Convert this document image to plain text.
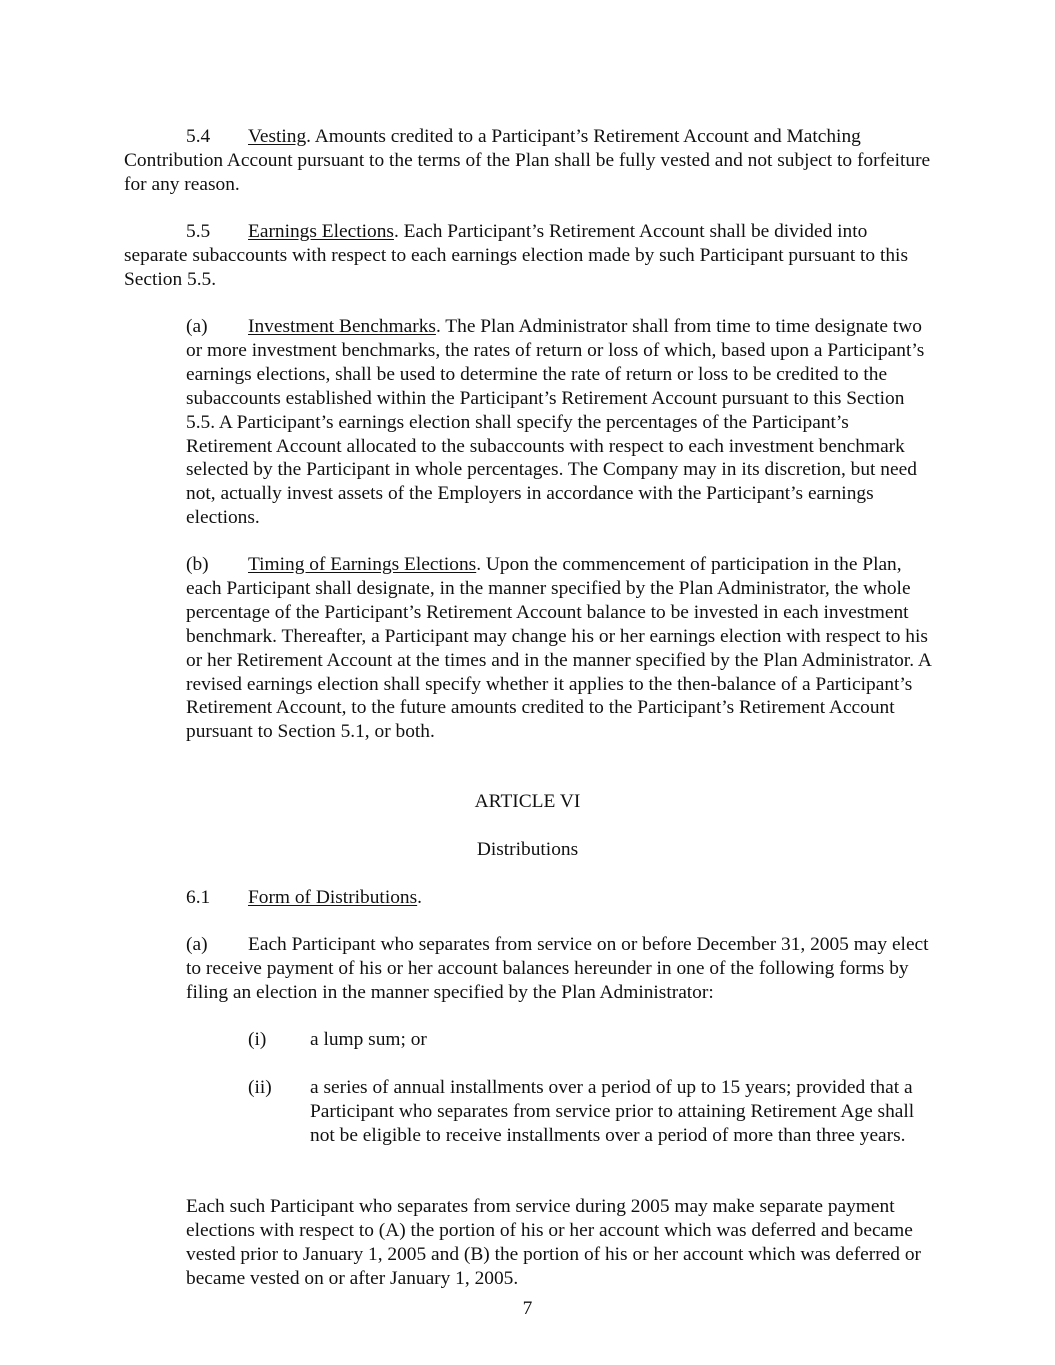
5.4 Vesting. Amounts credited to a Participant’s Retirement Account and Matching Contribution Account pursuant to the terms of the Plan shall be fully vested and not subject to forfeiture for any reason.

5.5 Earnings Elections. Each Participant’s Retirement Account shall be divided into separate subaccounts with respect to each earnings election made by such Participant pursuant to this Section 5.5.

(a) Investment Benchmarks. The Plan Administrator shall from time to time designate two or more investment benchmarks, the rates of return or loss of which, based upon a Participant’s earnings elections, shall be used to determine the rate of return or loss to be credited to the subaccounts established within the Participant’s Retirement Account pursuant to this Section 5.5. A Participant’s earnings election shall specify the percentages of the Participant’s Retirement Account allocated to the subaccounts with respect to each investment benchmark selected by the Participant in whole percentages. The Company may in its discretion, but need not, actually invest assets of the Employers in accordance with the Participant’s earnings elections.

(b) Timing of Earnings Elections. Upon the commencement of participation in the Plan, each Participant shall designate, in the manner specified by the Plan Administrator, the whole percentage of the Participant’s Retirement Account balance to be invested in each investment benchmark. Thereafter, a Participant may change his or her earnings election with respect to his or her Retirement Account at the times and in the manner specified by the Plan Administrator. A revised earnings election shall specify whether it applies to the then-balance of a Participant’s Retirement Account, to the future amounts credited to the Participant’s Retirement Account pursuant to Section 5.1, or both.

ARTICLE VI

Distributions

6.1 Form of Distributions.

(a) Each Participant who separates from service on or before December 31, 2005 may elect to receive payment of his or her account balances hereunder in one of the following forms by filing an election in the manner specified by the Plan Administrator:

(i) a lump sum; or
(ii) a series of annual installments over a period of up to 15 years; provided that a Participant who separates from service prior to attaining Retirement Age shall not be eligible to receive installments over a period of more than three years.

Each such Participant who separates from service during 2005 may make separate payment elections with respect to (A) the portion of his or her account which was deferred and became vested prior to January 1, 2005 and (B) the portion of his or her account which was deferred or became vested on or after January 1, 2005.

7
